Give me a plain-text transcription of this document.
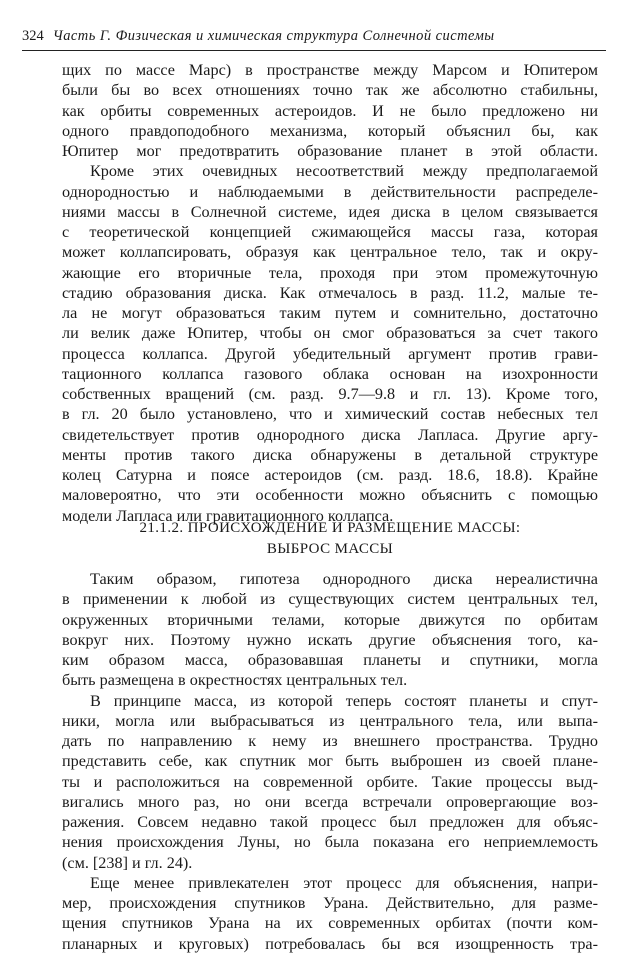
324 Часть Г. Физическая и химическая структура Солнечной системы
щих по массе Марс) в пространстве между Марсом и Юпитером
были бы во всех отношениях точно так же абсолютно стабильны,
как орбиты современных астероидов. И не было предложено ни
одного правдоподобного механизма, который объяснил бы, как
Юпитер мог предотвратить образование планет в этой области.
Кроме этих очевидных несоответствий между предполагаемой
однородностью и наблюдаемыми в действительности распределе-
ниями массы в Солнечной системе, идея диска в целом связывается
с теоретической концепцией сжимающейся массы газа, которая
может коллапсировать, образуя как центральное тело, так и окру-
жающие его вторичные тела, проходя при этом промежуточную
стадию образования диска. Как отмечалось в разд. 11.2, малые те-
ла не могут образоваться таким путем и сомнительно, достаточно
ли велик даже Юпитер, чтобы он смог образоваться за счет такого
процесса коллапса. Другой убедительный аргумент против грави-
тационного коллапса газового облака основан на изохронности
собственных вращений (см. разд. 9.7—9.8 и гл. 13). Кроме того,
в гл. 20 было установлено, что и химический состав небесных тел
свидетельствует против однородного диска Лапласа. Другие аргу-
менты против такого диска обнаружены в детальной структуре
колец Сатурна и поясе астероидов (см. разд. 18.6, 18.8). Крайне
маловероятно, что эти особенности можно объяснить с помощью
модели Лапласа или гравитационного коллапса.
21.1.2. ПРОИСХОЖДЕНИЕ И РАЗМЕЩЕНИЕ МАССЫ:
ВЫБРОС МАССЫ
Таким образом, гипотеза однородного диска нереалистична
в применении к любой из существующих систем центральных тел,
окруженных вторичными телами, которые движутся по орбитам
вокруг них. Поэтому нужно искать другие объяснения того, ка-
ким образом масса, образовавшая планеты и спутники, могла
быть размещена в окрестностях центральных тел.
В принципе масса, из которой теперь состоят планеты и спут-
ники, могла или выбрасываться из центрального тела, или выпа-
дать по направлению к нему из внешнего пространства. Трудно
представить себе, как спутник мог быть выброшен из своей плане-
ты и расположиться на современной орбите. Такие процессы выд-
вигались много раз, но они всегда встречали опровергающие воз-
ражения. Совсем недавно такой процесс был предложен для объяс-
нения происхождения Луны, но была показана его неприемлемость
(см. [238] и гл. 24).
Еще менее привлекателен этот процесс для объяснения, напри-
мер, происхождения спутников Урана. Действительно, для разме-
щения спутников Урана на их современных орбитах (почти ком-
планарных и круговых) потребовалась бы вся изощренность тра-
